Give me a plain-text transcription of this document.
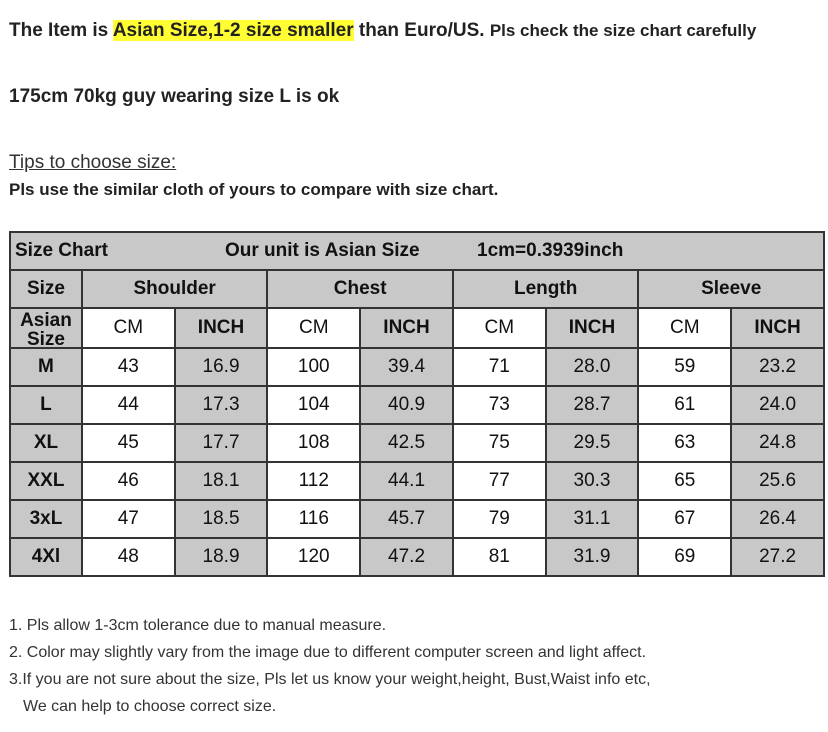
The Item is Asian Size,1-2 size smaller than Euro/US. Pls check the size chart carefully
175cm 70kg guy wearing size L is ok
Tips to choose size:
Pls use the similar cloth of yours to compare with size chart.
Size Chart Our unit is Asian Size 1cm=0.3939inch								
Size	Shoulder		Chest		Length		Sleeve	

Asian Size	CM	INCH	CM	INCH	CM	INCH	CM	INCH
M	43	16.9	100	39.4	71	28.0	59	23.2
L	44	17.3	104	40.9	73	28.7	61	24.0
XL	45	17.7	108	42.5	75	29.5	63	24.8
XXL	46	18.1	112	44.1	77	30.3	65	25.6
3xL	47	18.5	116	45.7	79	31.1	67	26.4
4Xl	48	18.9	120	47.2	81	31.9	69	27.2
1. Pls allow 1-3cm tolerance due to manual measure.
2. Color may slightly vary from the image due to different computer screen and light affect.
3.If you are not sure about the size, Pls let us know your weight,height, Bust,Waist info etc,
We can help to choose correct size.
